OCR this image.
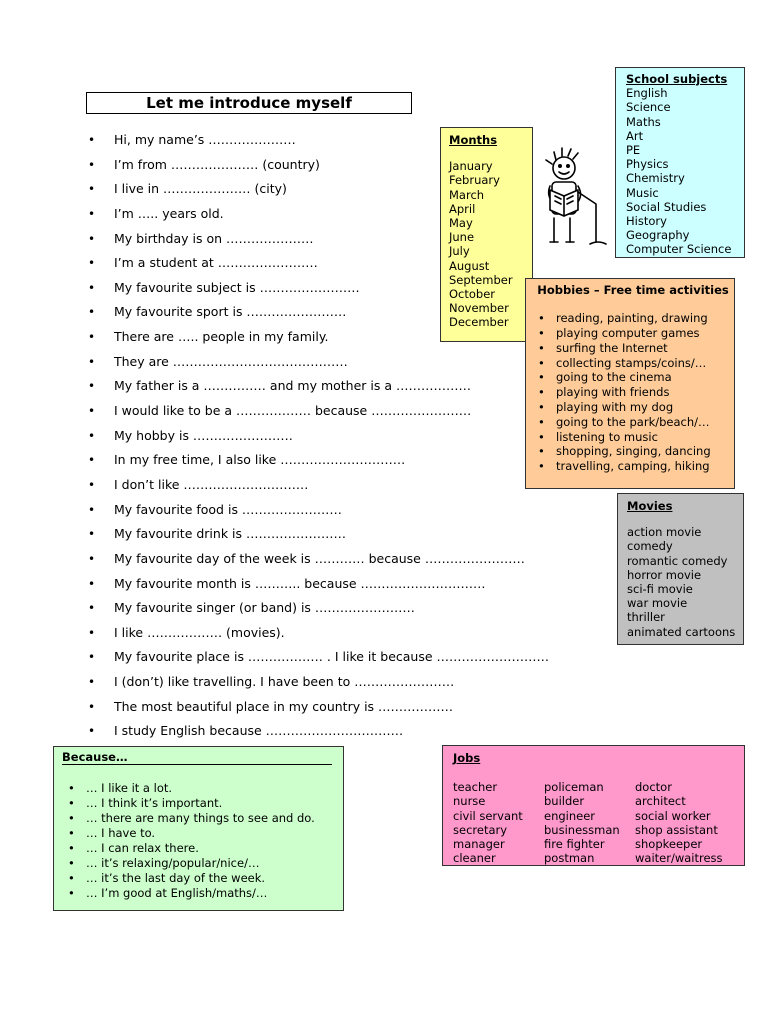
Let me introduce myself
• Hi, my name’s …………………
• I’m from ………………… (country)
• I live in ………………… (city)
• I’m ….. years old.
• My birthday is on …………………
• I’m a student at ……………………
• My favourite subject is ……………………
• My favourite sport is ……………………
• There are ….. people in my family.
• They are ……………………………………
• My father is a …………… and my mother is a ………………
• I would like to be a ……………… because ……………………
• My hobby is ……………………
• In my free time, I also like …………………………
• I don’t like …………………………
• My favourite food is ……………………
• My favourite drink is ……………………
• My favourite day of the week is ………… because ……………………
• My favourite month is ……….. because …………………………
• My favourite singer (or band) is ……………………
• I like ……………… (movies).
• My favourite place is ……………… . I like it because ………………………
• I (don’t) like travelling. I have been to ……………………
• The most beautiful place in my country is ………………
• I study English because ……………………………
School subjects
English
Science
Maths
Art
PE
Physics
Chemistry
Music
Social Studies
History
Geography
Computer Science
Months
January
February
March
April
May
June
July
August
September
October
November
December
Hobbies – Free time activities
• reading, painting, drawing
• playing computer games
• surfing the Internet
• collecting stamps/coins/…
• going to the cinema
• playing with friends
• playing with my dog
• going to the park/beach/…
• listening to music
• shopping, singing, dancing
• travelling, camping, hiking
Movies
action movie
comedy
romantic comedy
horror movie
sci-fi movie
war movie
thriller
animated cartoons
Because…
• … I like it a lot.
• … I think it’s important.
• … there are many things to see and do.
• … I have to.
• … I can relax there.
• … it’s relaxing/popular/nice/…
• … it’s the last day of the week.
• … I’m good at English/maths/…
Jobs
teacher	policeman	doctor
nurse	builder	architect
civil servant	engineer	social worker
secretary	businessman	shop assistant
manager	fire fighter	shopkeeper
cleaner	postman	waiter/waitress
